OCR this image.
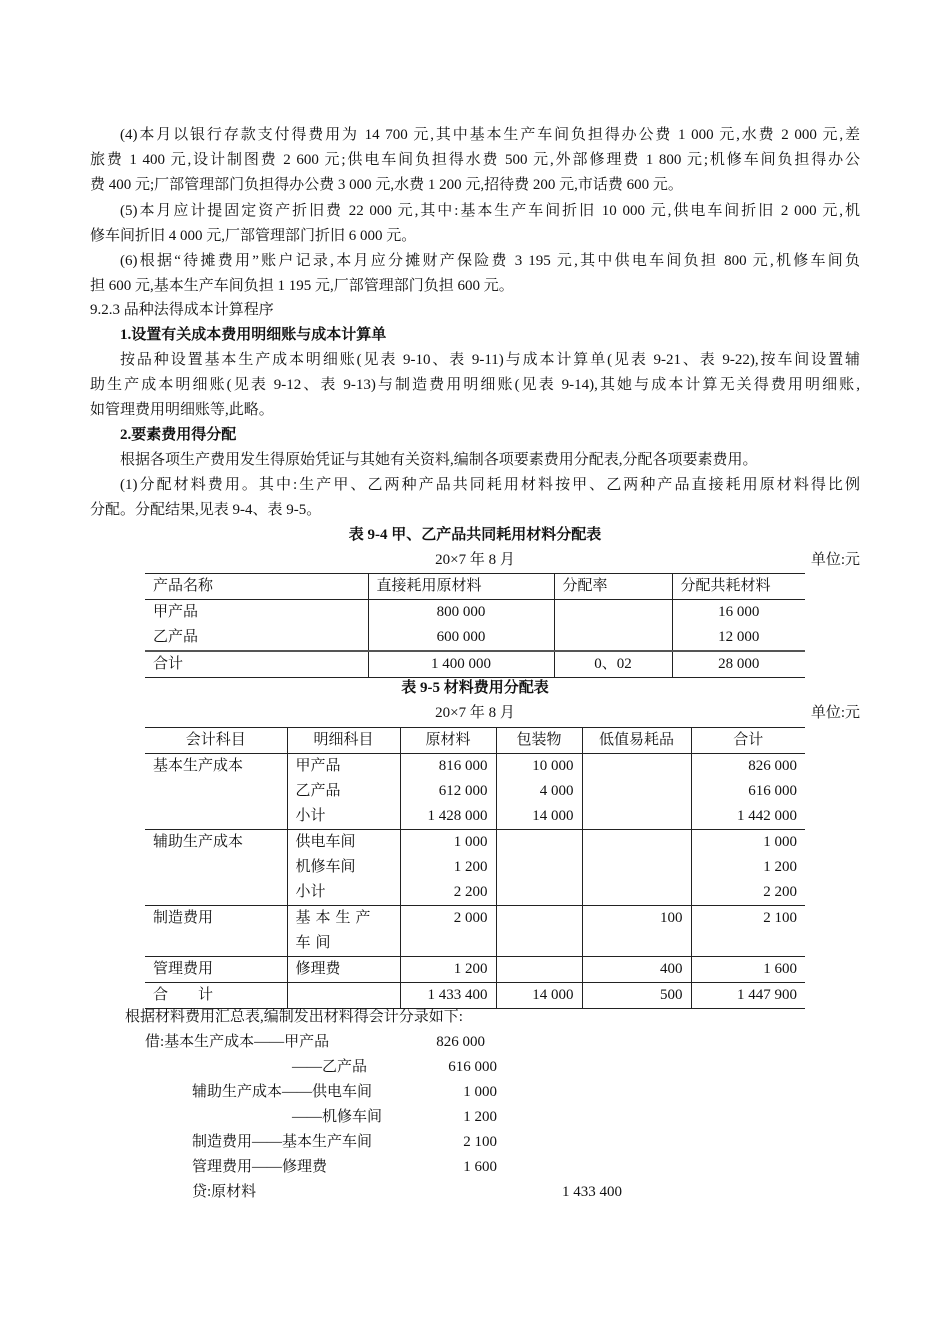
(4)本月以银行存款支付得费用为 14 700 元,其中基本生产车间负担得办公费 1 000 元,水费 2 000 元,差
旅费 1 400 元,设计制图费 2 600 元;供电车间负担得水费 500 元,外部修理费 1 800 元;机修车间负担得办公
费 400 元;厂部管理部门负担得办公费 3 000 元,水费 1 200 元,招待费 200 元,市话费 600 元。
(5)本月应计提固定资产折旧费 22 000 元,其中:基本生产车间折旧 10 000 元,供电车间折旧 2 000 元,机
修车间折旧 4 000 元,厂部管理部门折旧 6 000 元。
(6)根据“待摊费用”账户记录,本月应分摊财产保险费 3 195 元,其中供电车间负担 800 元,机修车间负
担 600 元,基本生产车间负担 1 195 元,厂部管理部门负担 600 元。
9.2.3 品种法得成本计算程序
1.设置有关成本费用明细账与成本计算单
按品种设置基本生产成本明细账(见表 9-10、表 9-11)与成本计算单(见表 9-21、表 9-22),按车间设置辅
助生产成本明细账(见表 9-12、表 9-13)与制造费用明细账(见表 9-14),其她与成本计算无关得费用明细账,
如管理费用明细账等,此略。
2.要素费用得分配
根据各项生产费用发生得原始凭证与其她有关资料,编制各项要素费用分配表,分配各项要素费用。
(1)分配材料费用。其中:生产甲、乙两种产品共同耗用材料按甲、乙两种产品直接耗用原材料得比例
分配。分配结果,见表 9-4、表 9-5。
表 9-4 甲、乙产品共同耗用材料分配表
20×7 年 8 月	单位:元
产品名称	直接耗用原材料	分配率	分配共耗材料
甲产品	800 000		16 000
乙产品	600 000		12 000
合计	1 400 000	0、02	28 000
表 9-5 材料费用分配表
20×7 年 8 月	单位:元
会计科目	明细科目	原材料	包装物	低值易耗品	合计
基本生产成本	甲产品	816 000	10 000		826 000
	乙产品	612 000	4 000		616 000
	小计	1 428 000	14 000		1 442 000
辅助生产成本	供电车间	1 000			1 000
	机修车间	1 200			1 200
	小计	2 200			2 200
制造费用	基本生产车间	2 000		100	2 100
管理费用	修理费	1 200		400	1 600
合　　计		1 433 400	14 000	500	1 447 900
根据材料费用汇总表,编制发出材料得会计分录如下:
借:基本生产成本——甲产品	826 000
——乙产品	616 000
辅助生产成本——供电车间	1 000
——机修车间	1 200
制造费用——基本生产车间	2 100
管理费用——修理费	1 600
贷:原材料	1 433 400
